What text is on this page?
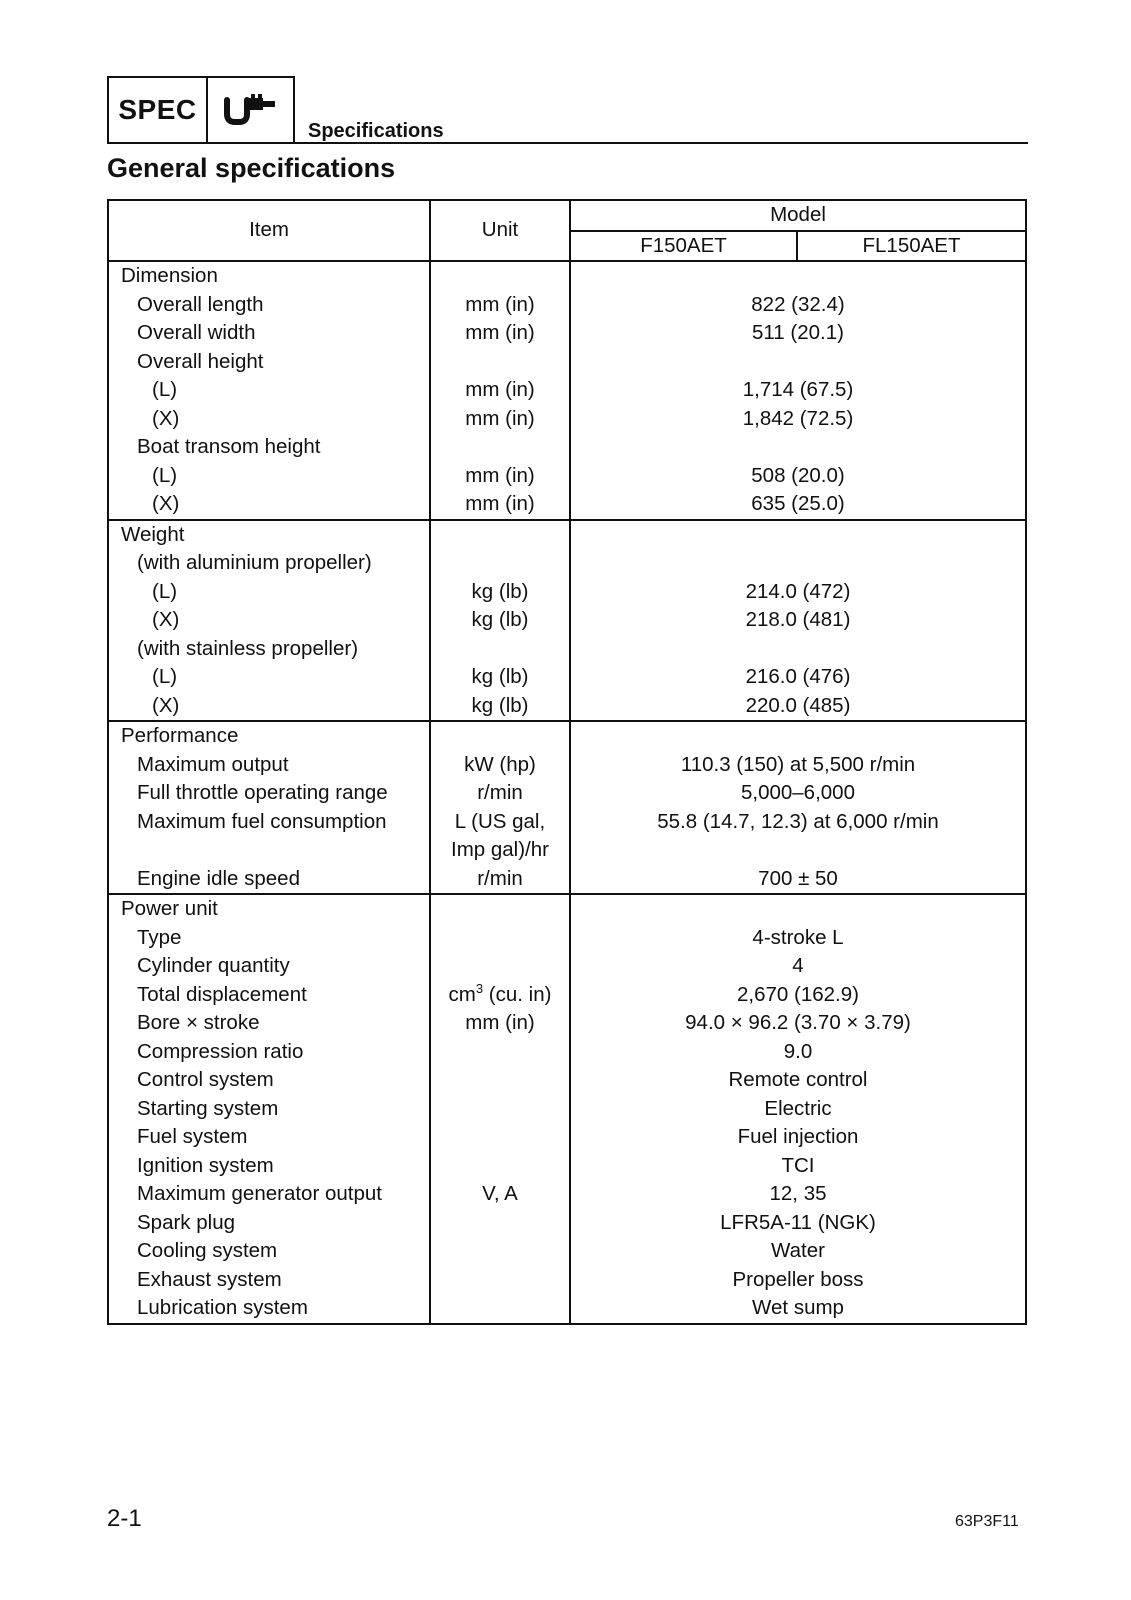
SPEC
Specifications
General specifications
Item	Unit	Model	
		F150AET	FL150AET
Dimension			
Overall length	mm (in)	822 (32.4)	
Overall width	mm (in)	511 (20.1)	
Overall height			
(L)	mm (in)	1,714 (67.5)	
(X)	mm (in)	1,842 (72.5)	
Boat transom height			
(L)	mm (in)	508 (20.0)	
(X)	mm (in)	635 (25.0)	
Weight			
(with aluminium propeller)			
(L)	kg (lb)	214.0 (472)	
(X)	kg (lb)	218.0 (481)	
(with stainless propeller)			
(L)	kg (lb)	216.0 (476)	
(X)	kg (lb)	220.0 (485)	
Performance			
Maximum output	kW (hp)	110.3 (150) at 5,500 r/min	
Full throttle operating range	r/min	5,000–6,000	
Maximum fuel consumption	L (US gal,
Imp gal)/hr	55.8 (14.7, 12.3) at 6,000 r/min	
Engine idle speed	r/min	700 ± 50	
Power unit			
Type		4-stroke L	
Cylinder quantity		4	
Total displacement	$cm^3$ (cu. in)	2,670 (162.9)	
Bore × stroke	mm (in)	94.0 × 96.2 (3.70 × 3.79)	
Compression ratio		9.0	
Control system		Remote control	
Starting system		Electric	
Fuel system		Fuel injection	
Ignition system		TCI	
Maximum generator output	V, A	12, 35	
Spark plug		LFR5A-11 (NGK)	
Cooling system		Water	
Exhaust system		Propeller boss	
Lubrication system		Wet sump	
2-1	63P3F11
